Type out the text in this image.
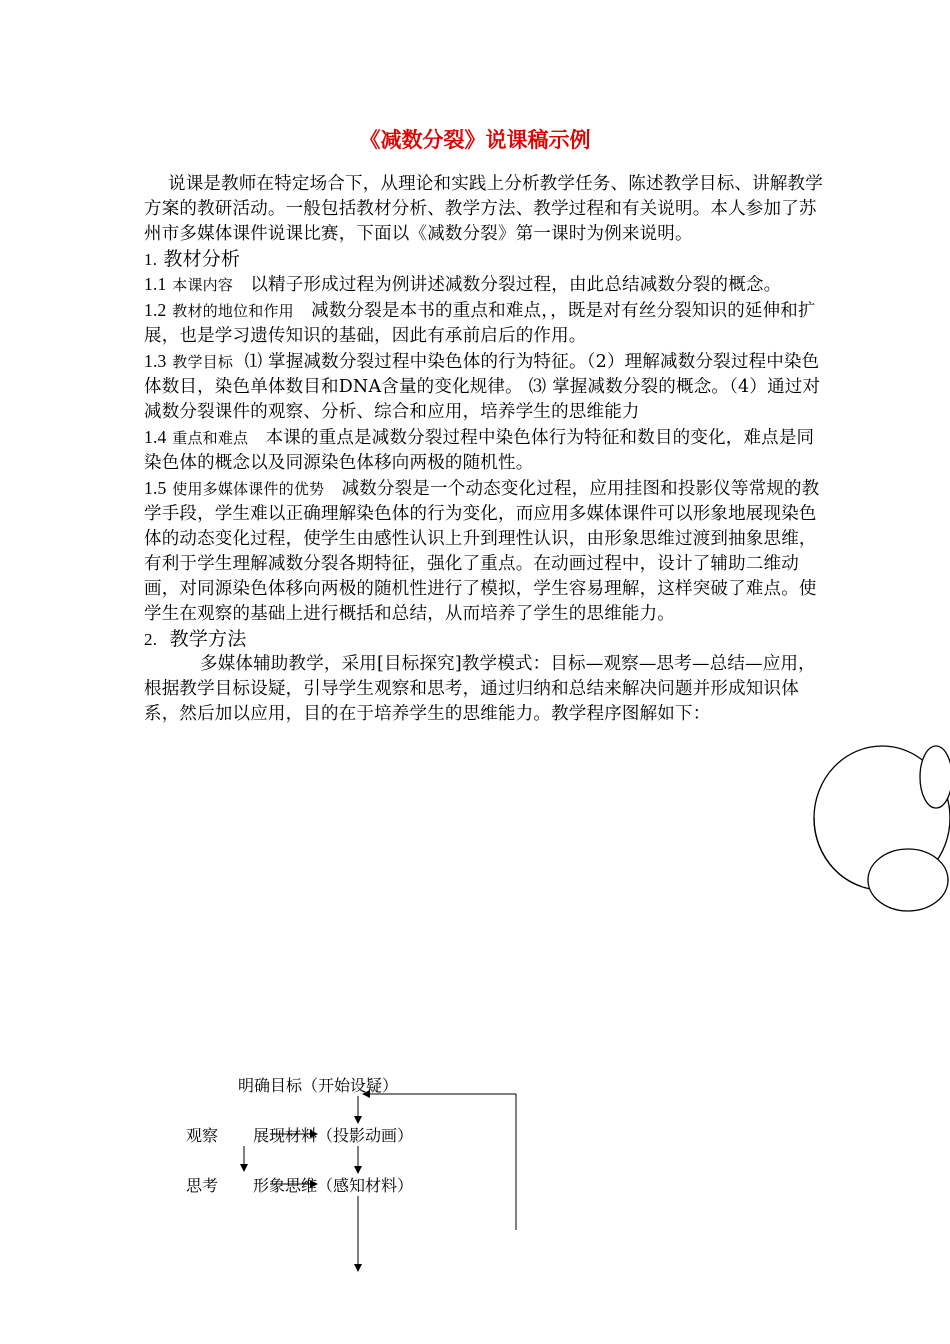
《减数分裂》说课稿示例

说课是教师在特定场合下，从理论和实践上分析教学任务、陈述教学目标、讲解教学方案的教研活动。一般包括教材分析、教学方法、教学过程和有关说明。本人参加了苏州市多媒体课件说课比赛，下面以《减数分裂》第一课时为例来说明。

1. 教材分析

1.1 本课内容 以精子形成过程为例讲述减数分裂过程，由此总结减数分裂的概念。

1.2 教材的地位和作用 减数分裂是本书的重点和难点，，既是对有丝分裂知识的延伸和扩展，也是学习遗传知识的基础，因此有承前启后的作用。

1.3 教学目标 ⑴ 掌握减数分裂过程中染色体的行为特征。（2）理解减数分裂过程中染色体数目，染色单体数目和DNA含量的变化规律。 ⑶ 掌握减数分裂的概念。（4）通过对减数分裂课件的观察、分析、综合和应用，培养学生的思维能力

1.4 重点和难点 本课的重点是减数分裂过程中染色体行为特征和数目的变化，难点是同染色体的概念以及同源染色体移向两极的随机性。

1.5 使用多媒体课件的优势 减数分裂是一个动态变化过程，应用挂图和投影仪等常规的教学手段，学生难以正确理解染色体的行为变化，而应用多媒体课件可以形象地展现染色体的动态变化过程，使学生由感性认识上升到理性认识，由形象思维过渡到抽象思维，有利于学生理解减数分裂各期特征，强化了重点。在动画过程中，设计了辅助二维动画，对同源染色体移向两极的随机性进行了模拟，学生容易理解，这样突破了难点。使学生在观察的基础上进行概括和总结，从而培养了学生的思维能力。

2. 教学方法

多媒体辅助教学，采用[目标探究]教学模式：目标—观察—思考—总结—应用，根据教学目标设疑，引导学生观察和思考，通过归纳和总结来解决问题并形成知识体系，然后加以应用，目的在于培养学生的思维能力。教学程序图解如下：

明确目标（开始设疑）
观察 展现材料（投影动画）
思考 形象思维（感知材料）
